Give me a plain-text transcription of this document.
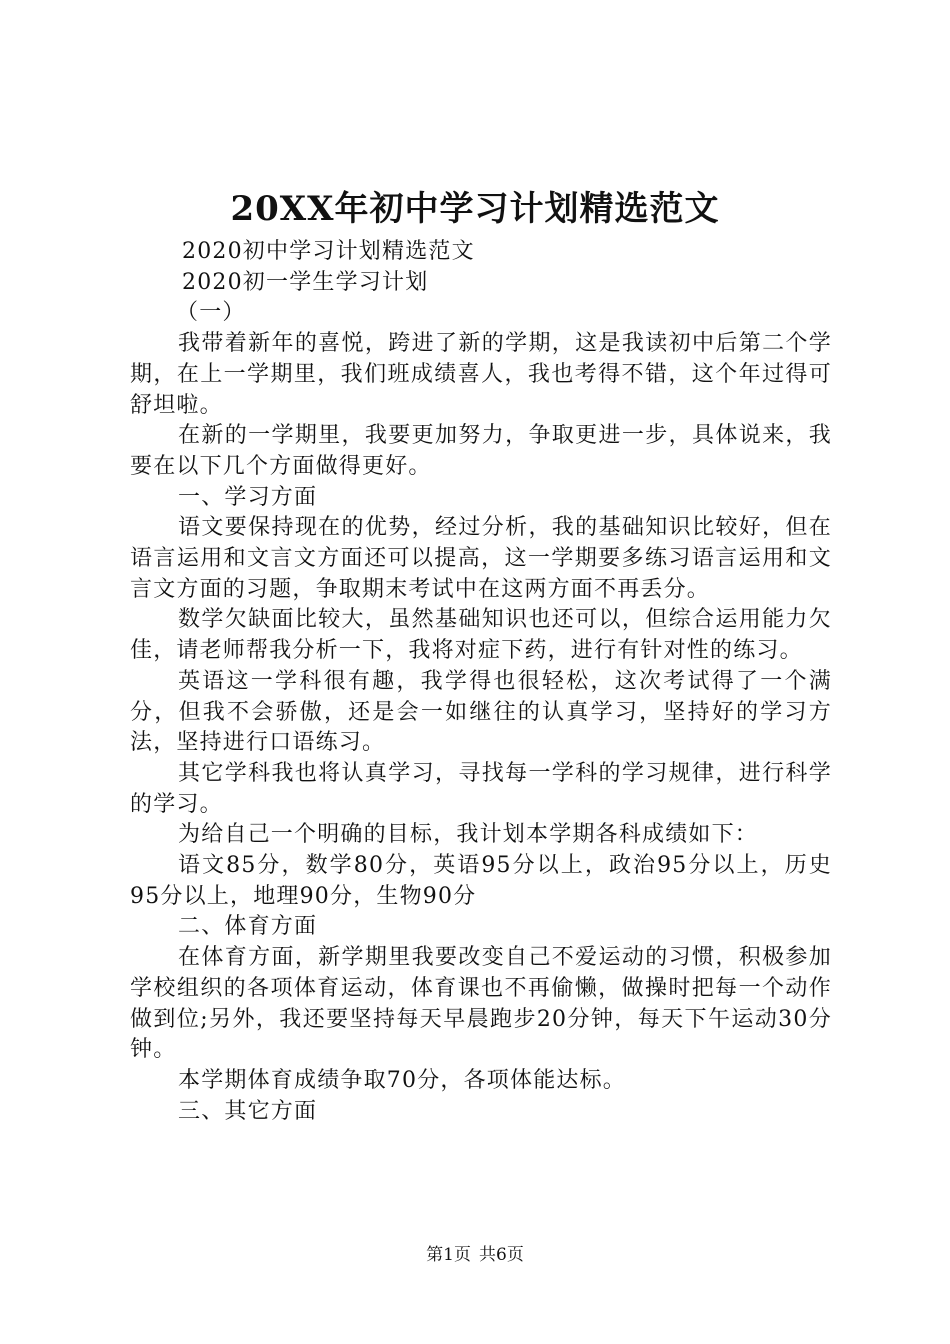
20XX年初中学习计划精选范文

2020初中学习计划精选范文

2020初一学生学习计划

（一）

我带着新年的喜悦，跨进了新的学期，这是我读初中后第二个学期，在上一学期里，我们班成绩喜人，我也考得不错，这个年过得可舒坦啦。

在新的一学期里，我要更加努力，争取更进一步，具体说来，我要在以下几个方面做得更好。

一、学习方面

语文要保持现在的优势，经过分析，我的基础知识比较好，但在语言运用和文言文方面还可以提高，这一学期要多练习语言运用和文言文方面的习题，争取期末考试中在这两方面不再丢分。

数学欠缺面比较大，虽然基础知识也还可以，但综合运用能力欠佳，请老师帮我分析一下，我将对症下药，进行有针对性的练习。

英语这一学科很有趣，我学得也很轻松，这次考试得了一个满分，但我不会骄傲，还是会一如继往的认真学习，坚持好的学习方法，坚持进行口语练习。

其它学科我也将认真学习，寻找每一学科的学习规律，进行科学的学习。

为给自己一个明确的目标，我计划本学期各科成绩如下：

语文85分，数学80分，英语95分以上，政治95分以上，历史95分以上，地理90分，生物90分

二、体育方面

在体育方面，新学期里我要改变自己不爱运动的习惯，积极参加学校组织的各项体育运动，体育课也不再偷懒，做操时把每一个动作做到位;另外，我还要坚持每天早晨跑步20分钟，每天下午运动30分钟。

本学期体育成绩争取70分，各项体能达标。

三、其它方面

第1页 共6页
